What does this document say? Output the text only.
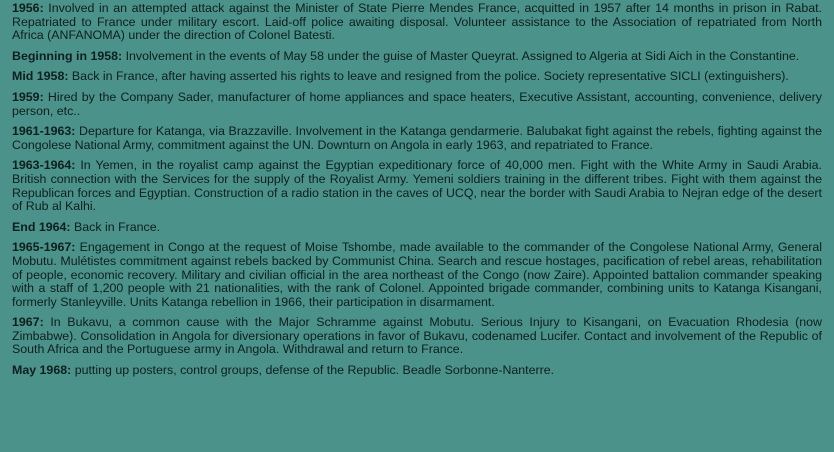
1956: Involved in an attempted attack against the Minister of State Pierre Mendes France, acquitted in 1957 after 14 months in prison in Rabat. Repatriated to France under military escort. Laid-off police awaiting disposal. Volunteer assistance to the Association of repatriated from North Africa (ANFANOMA) under the direction of Colonel Batesti.

Beginning in 1958: Involvement in the events of May 58 under the guise of Master Queyrat. Assigned to Algeria at Sidi Aich in the Constantine.

Mid 1958: Back in France, after having asserted his rights to leave and resigned from the police. Society representative SICLI (extinguishers).

1959: Hired by the Company Sader, manufacturer of home appliances and space heaters, Executive Assistant, accounting, convenience, delivery person, etc..

1961-1963: Departure for Katanga, via Brazzaville. Involvement in the Katanga gendarmerie. Balubakat fight against the rebels, fighting against the Congolese National Army, commitment against the UN. Downturn on Angola in early 1963, and repatriated to France.

1963-1964: In Yemen, in the royalist camp against the Egyptian expeditionary force of 40,000 men. Fight with the White Army in Saudi Arabia. British connection with the Services for the supply of the Royalist Army. Yemeni soldiers training in the different tribes. Fight with them against the Republican forces and Egyptian. Construction of a radio station in the caves of UCQ, near the border with Saudi Arabia to Nejran edge of the desert of Rub al Kalhi.

End 1964: Back in France.

1965-1967: Engagement in Congo at the request of Moise Tshombe, made available to the commander of the Congolese National Army, General Mobutu. Mulétistes commitment against rebels backed by Communist China. Search and rescue hostages, pacification of rebel areas, rehabilitation of people, economic recovery. Military and civilian official in the area northeast of the Congo (now Zaire). Appointed battalion commander speaking with a staff of 1,200 people with 21 nationalities, with the rank of Colonel. Appointed brigade commander, combining units to Katanga Kisangani, formerly Stanleyville. Units Katanga rebellion in 1966, their participation in disarmament.

1967: In Bukavu, a common cause with the Major Schramme against Mobutu. Serious Injury to Kisangani, on Evacuation Rhodesia (now Zimbabwe). Consolidation in Angola for diversionary operations in favor of Bukavu, codenamed Lucifer. Contact and involvement of the Republic of South Africa and the Portuguese army in Angola. Withdrawal and return to France.

May 1968: putting up posters, control groups, defense of the Republic. Beadle Sorbonne-Nanterre.
